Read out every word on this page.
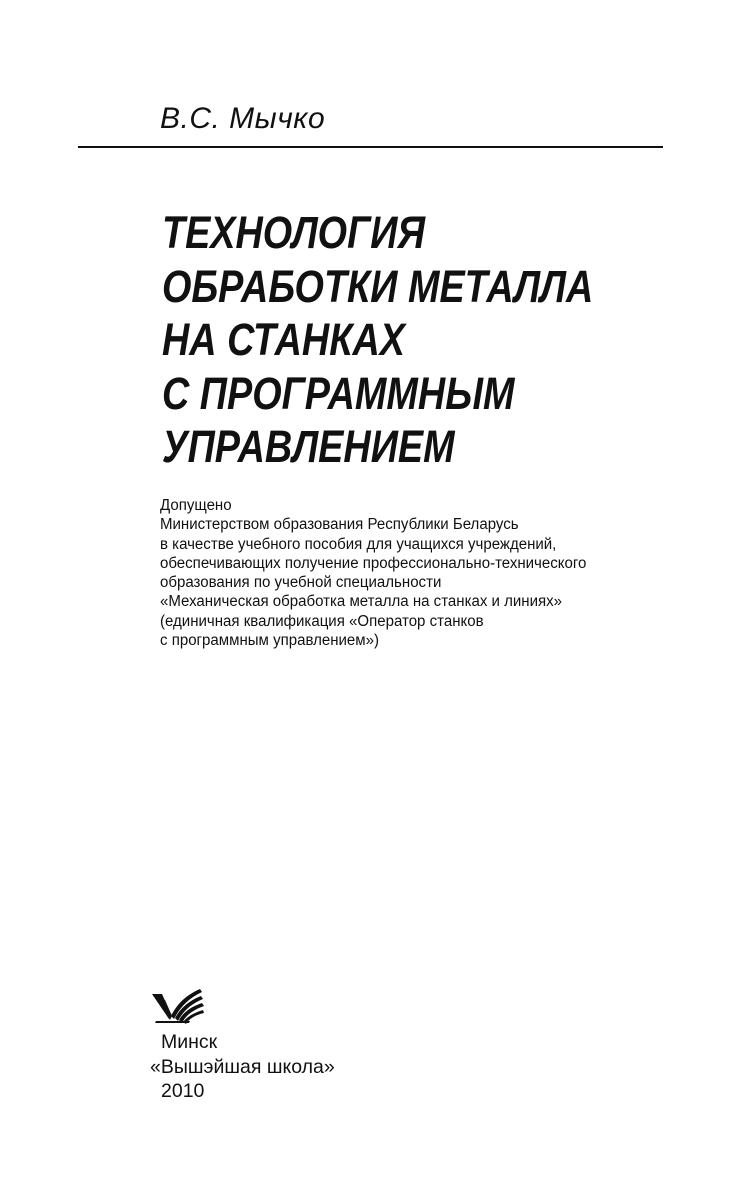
В.С. Мычко
ТЕХНОЛОГИЯ
ОБРАБОТКИ МЕТАЛЛА
НА СТАНКАХ
С ПРОГРАММНЫМ
УПРАВЛЕНИЕМ
Допущено
Министерством образования Республики Беларусь
в качестве учебного пособия для учащихся учреждений,
обеспечивающих получение профессионально-технического
образования по учебной специальности
«Механическая обработка металла на станках и линиях»
(единичная квалификация «Оператор станков
с программным управлением»)
Минск
«Вышэйшая школа»
2010
